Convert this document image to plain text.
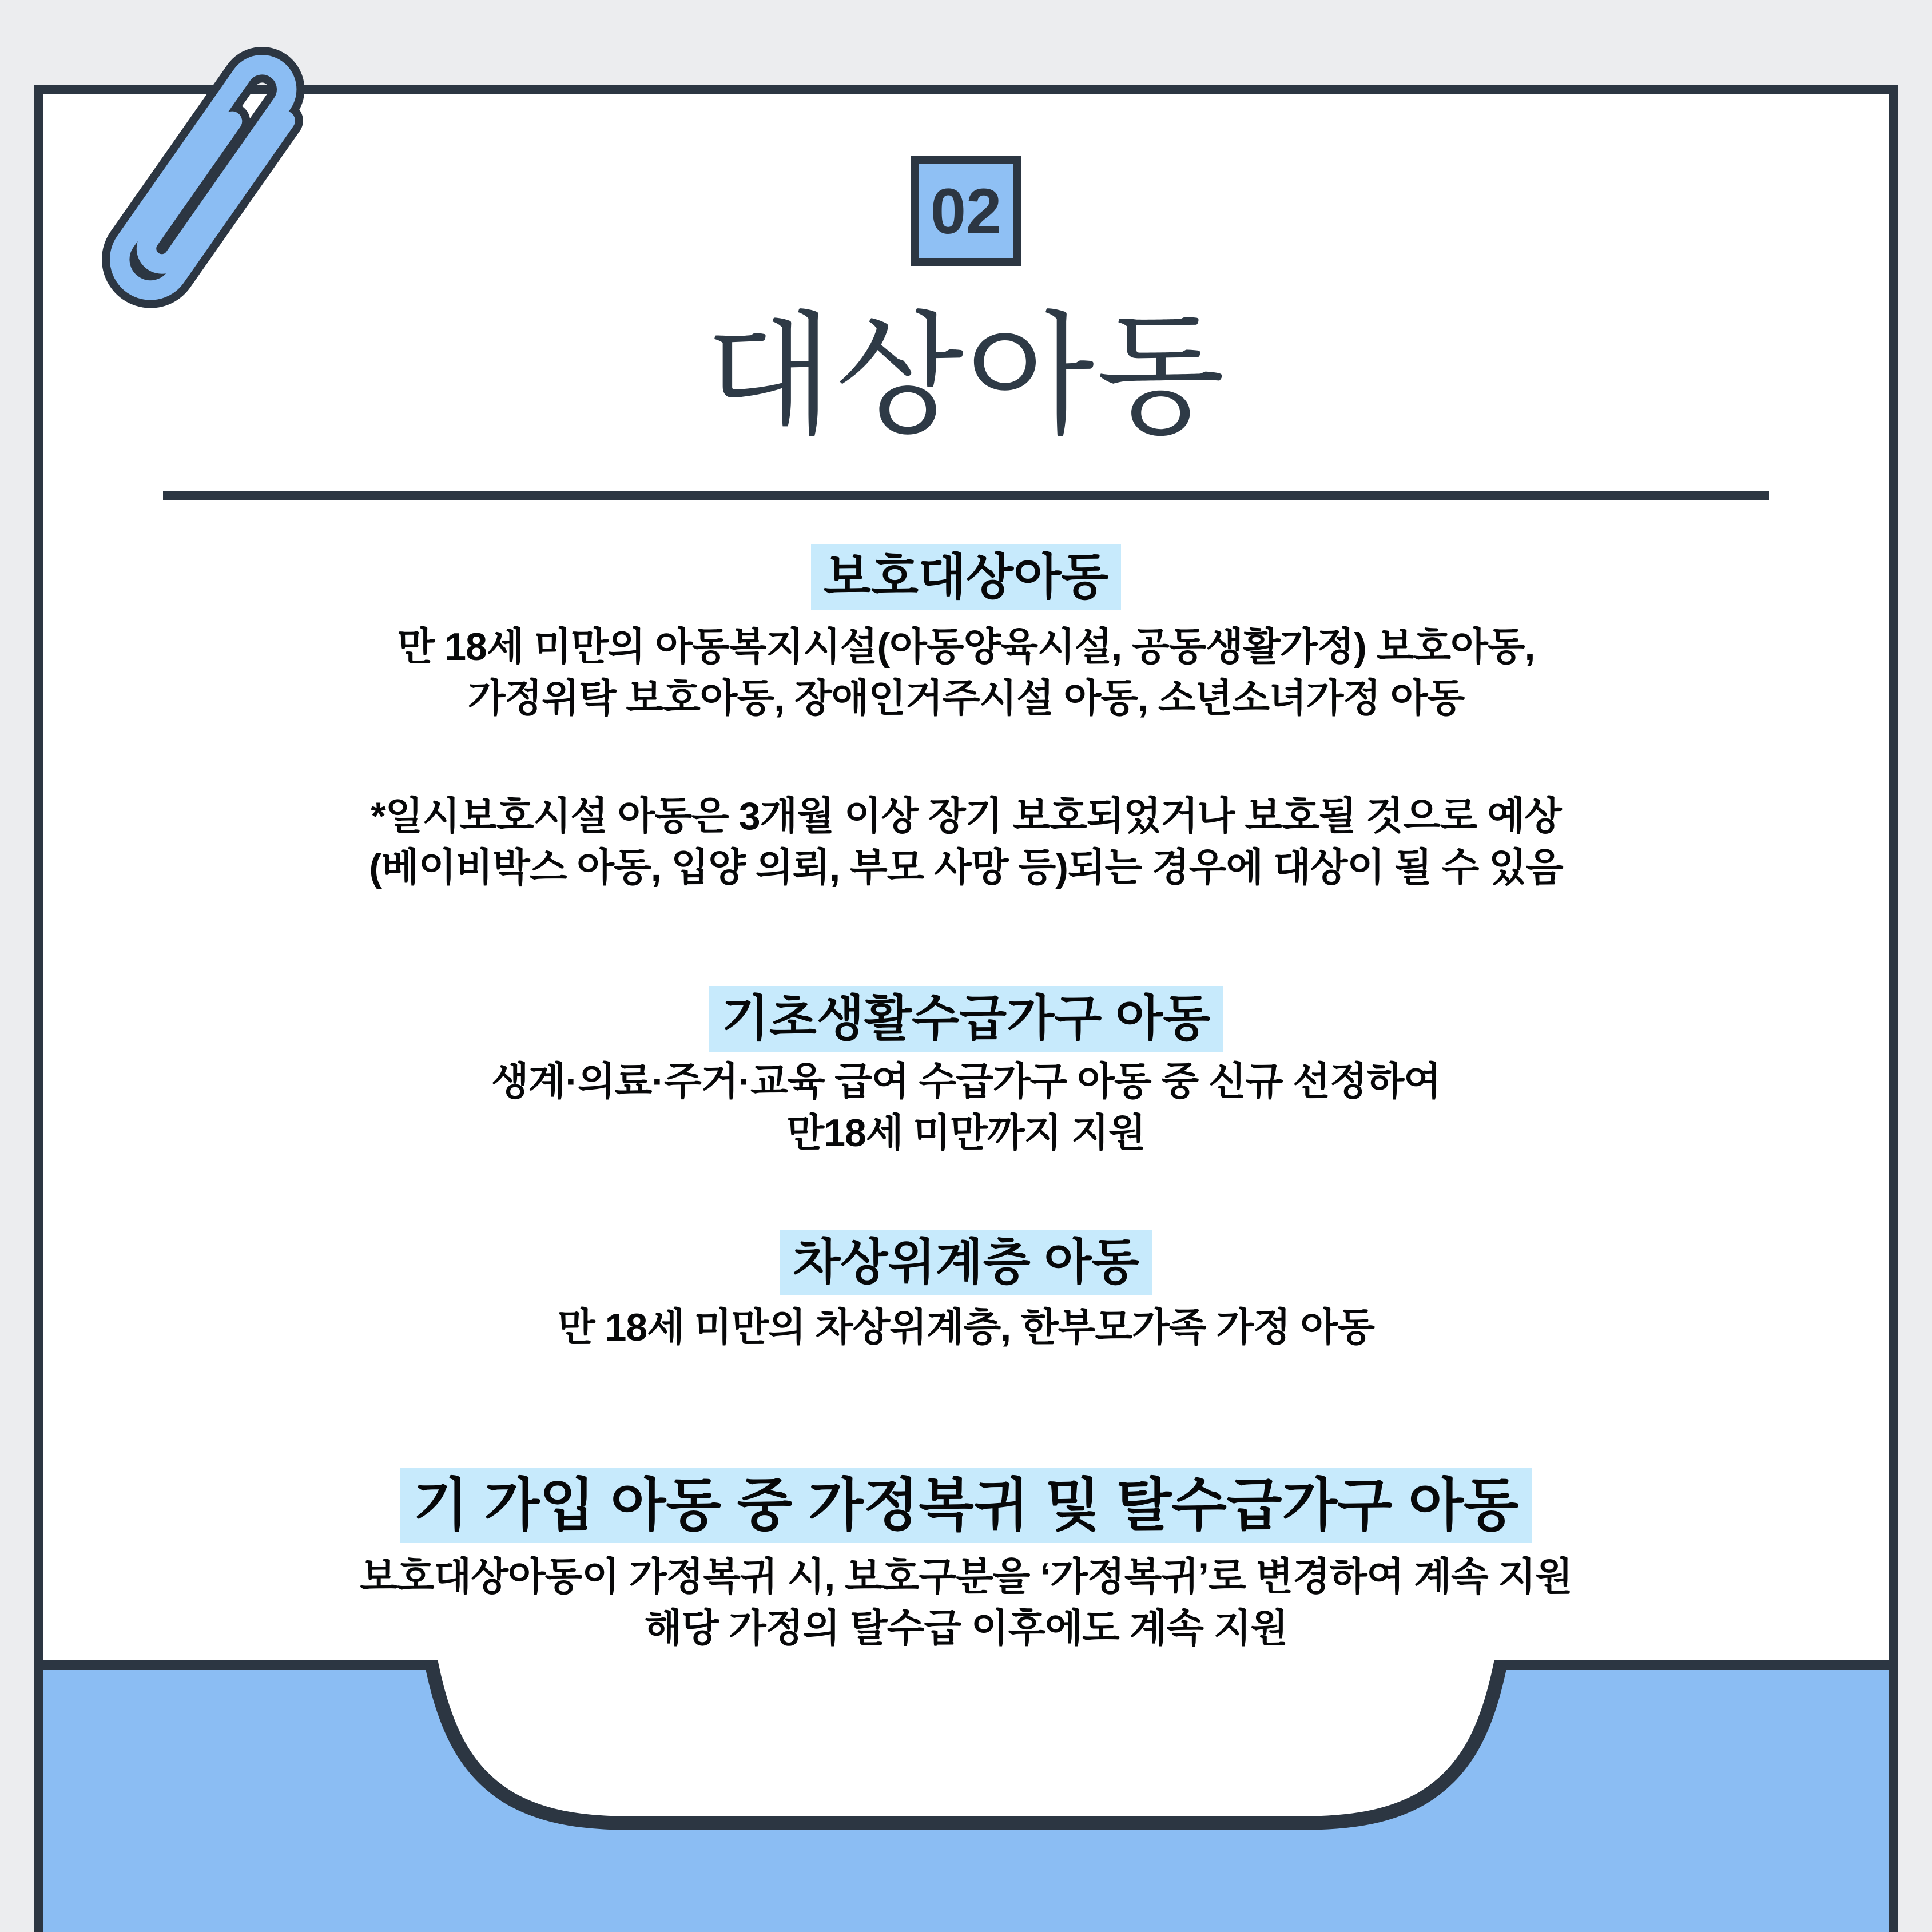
02
대상아동
보호대상아동
만 18세 미만의 아동복지시설(아동양육시설, 공동생활가정) 보호아동,
가정위탁 보호아동, 장애인거주시설 아동, 소년소녀가정 아동
*일시보호시설 아동은 3개월 이상 장기 보호되었거나 보호될 것으로 예상
(베이비박스 아동, 입양 의뢰, 부모 사망 등)되는 경우에 대상이 될 수 있음
기초생활수급가구 아동
생계·의료·주거·교육 급여 수급가구 아동 중 신규 선정하여
만18세 미만까지 지원
차상위계층 아동
만 18세 미만의 차상위계층, 한부모가족 가정 아동
기 가입 아동 중 가정복귀 및 탈수급가구 아동
보호대상아동이 가정복귀 시, 보호구분을 ‘가정복귀’로 변경하여 계속 지원
해당 가정의 탈수급 이후에도 계속 지원
